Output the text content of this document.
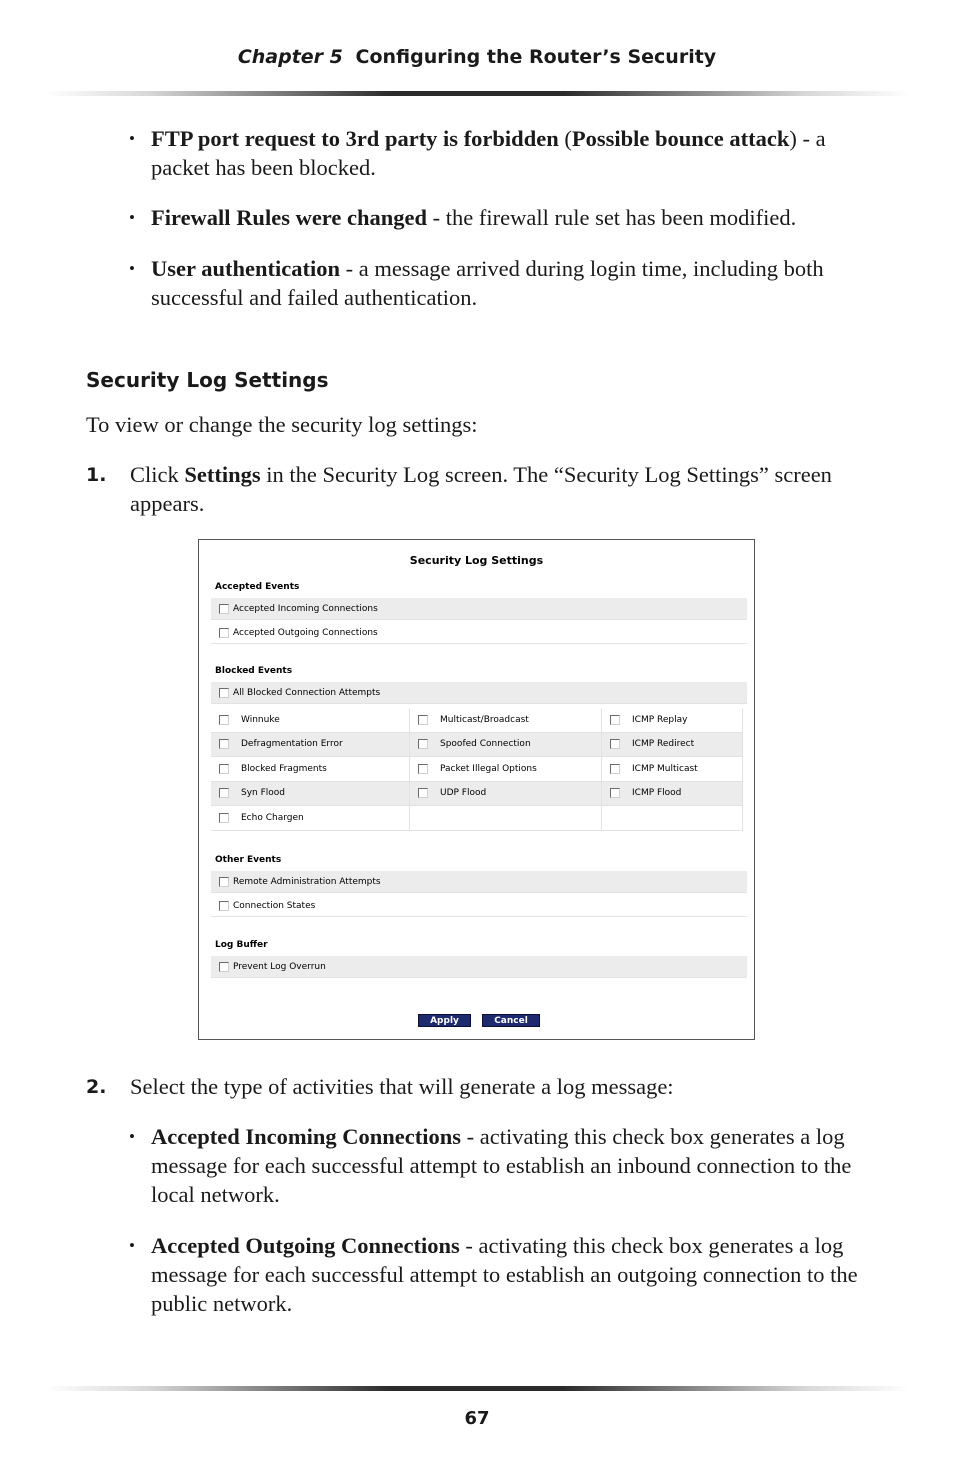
Chapter 5 Configuring the Router’s Security
• FTP port request to 3rd party is forbidden (Possible bounce attack) - a packet has been blocked.
• Firewall Rules were changed - the firewall rule set has been modified.
• User authentication - a message arrived during login time, including both successful and failed authentication.
Security Log Settings
To view or change the security log settings:
1. Click Settings in the Security Log screen. The “Security Log Settings” screen appears.
Security Log Settings
Accepted Events
Accepted Incoming Connections
Accepted Outgoing Connections
Blocked Events
All Blocked Connection Attempts
Winnuke	Multicast/Broadcast	ICMP Replay
Defragmentation Error	Spoofed Connection	ICMP Redirect
Blocked Fragments	Packet Illegal Options	ICMP Multicast
Syn Flood	UDP Flood	ICMP Flood
Echo Chargen
Other Events
Remote Administration Attempts
Connection States
Log Buffer
Prevent Log Overrun
Apply	Cancel
2. Select the type of activities that will generate a log message:
• Accepted Incoming Connections - activating this check box generates a log message for each successful attempt to establish an inbound connection to the local network.
• Accepted Outgoing Connections - activating this check box generates a log message for each successful attempt to establish an outgoing connection to the public network.
67
